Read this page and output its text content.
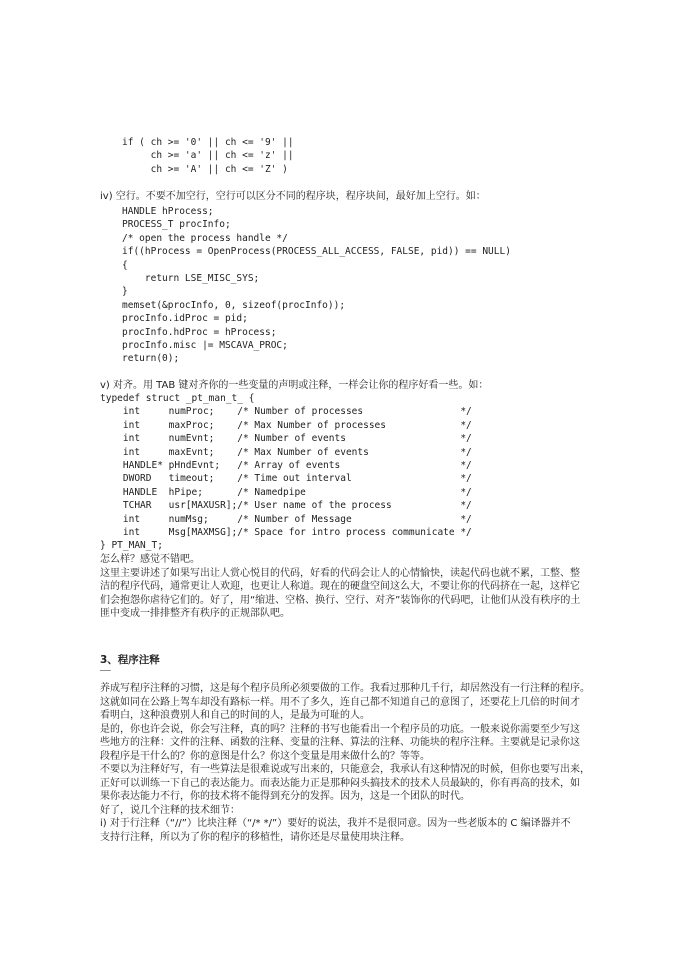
if ( ch >= '0' || ch <= '9' ||
ch >= 'a' || ch <= 'z' ||
ch >= 'A' || ch <= 'Z' )

iv) 空行。不要不加空行，空行可以区分不同的程序块，程序块间，最好加上空行。如：

HANDLE hProcess;
PROCESS_T procInfo;
/* open the process handle */
if((hProcess = OpenProcess(PROCESS_ALL_ACCESS, FALSE, pid)) == NULL)
{
return LSE_MISC_SYS;
}
memset(&procInfo, 0, sizeof(procInfo));
procInfo.idProc = pid;
procInfo.hdProc = hProcess;
procInfo.misc |= MSCAVA_PROC;
return(0);

v) 对齐。用 TAB 键对齐你的一些变量的声明或注释，一样会让你的程序好看一些。如：

typedef struct _pt_man_t_ {
int     numProc;    /* Number of processes                 */
int     maxProc;    /* Max Number of processes             */
int     numEvnt;    /* Number of events                    */
int     maxEvnt;    /* Max Number of events                */
HANDLE* pHndEvnt;   /* Array of events                     */
DWORD   timeout;    /* Time out interval                   */
HANDLE  hPipe;      /* Namedpipe                           */
TCHAR   usr[MAXUSR];/* User name of the process            */
int     numMsg;     /* Number of Message                   */
int     Msg[MAXMSG];/* Space for intro process communicate */
} PT_MAN_T;
怎么样？感觉不错吧。
这里主要讲述了如果写出让人赏心悦目的代码，好看的代码会让人的心情愉快，读起代码也就不累，工整、整
洁的程序代码，通常更让人欢迎，也更让人称道。现在的硬盘空间这么大，不要让你的代码挤在一起，这样它
们会抱怨你虐待它们的。好了，用“缩进、空格、换行、空行、对齐”装饰你的代码吧，让他们从没有秩序的土
匪中变成一排排整齐有秩序的正规部队吧。
3、程序注释

——

养成写程序注释的习惯，这是每个程序员所必须要做的工作。我看过那种几千行，却居然没有一行注释的程序。
这就如同在公路上驾车却没有路标一样。用不了多久，连自己都不知道自己的意图了，还要花上几倍的时间才
看明白，这种浪费别人和自己的时间的人，是最为可耻的人。
是的，你也许会说，你会写注释，真的吗？注释的书写也能看出一个程序员的功底。一般来说你需要至少写这
些地方的注释：文件的注释、函数的注释、变量的注释、算法的注释、功能块的程序注释。主要就是记录你这
段程序是干什么的？你的意图是什么？你这个变量是用来做什么的？等等。
不要以为注释好写，有一些算法是很难说或写出来的，只能意会，我承认有这种情况的时候，但你也要写出来，
正好可以训练一下自己的表达能力。而表达能力正是那种闷头搞技术的技术人员最缺的，你有再高的技术，如
果你表达能力不行，你的技术将不能得到充分的发挥。因为，这是一个团队的时代。
好了，说几个注释的技术细节：
i) 对于行注释（“//”）比块注释（“/* */”）要好的说法，我并不是很同意。因为一些老版本的 C 编译器并不
支持行注释，所以为了你的程序的移植性，请你还是尽量使用块注释。
